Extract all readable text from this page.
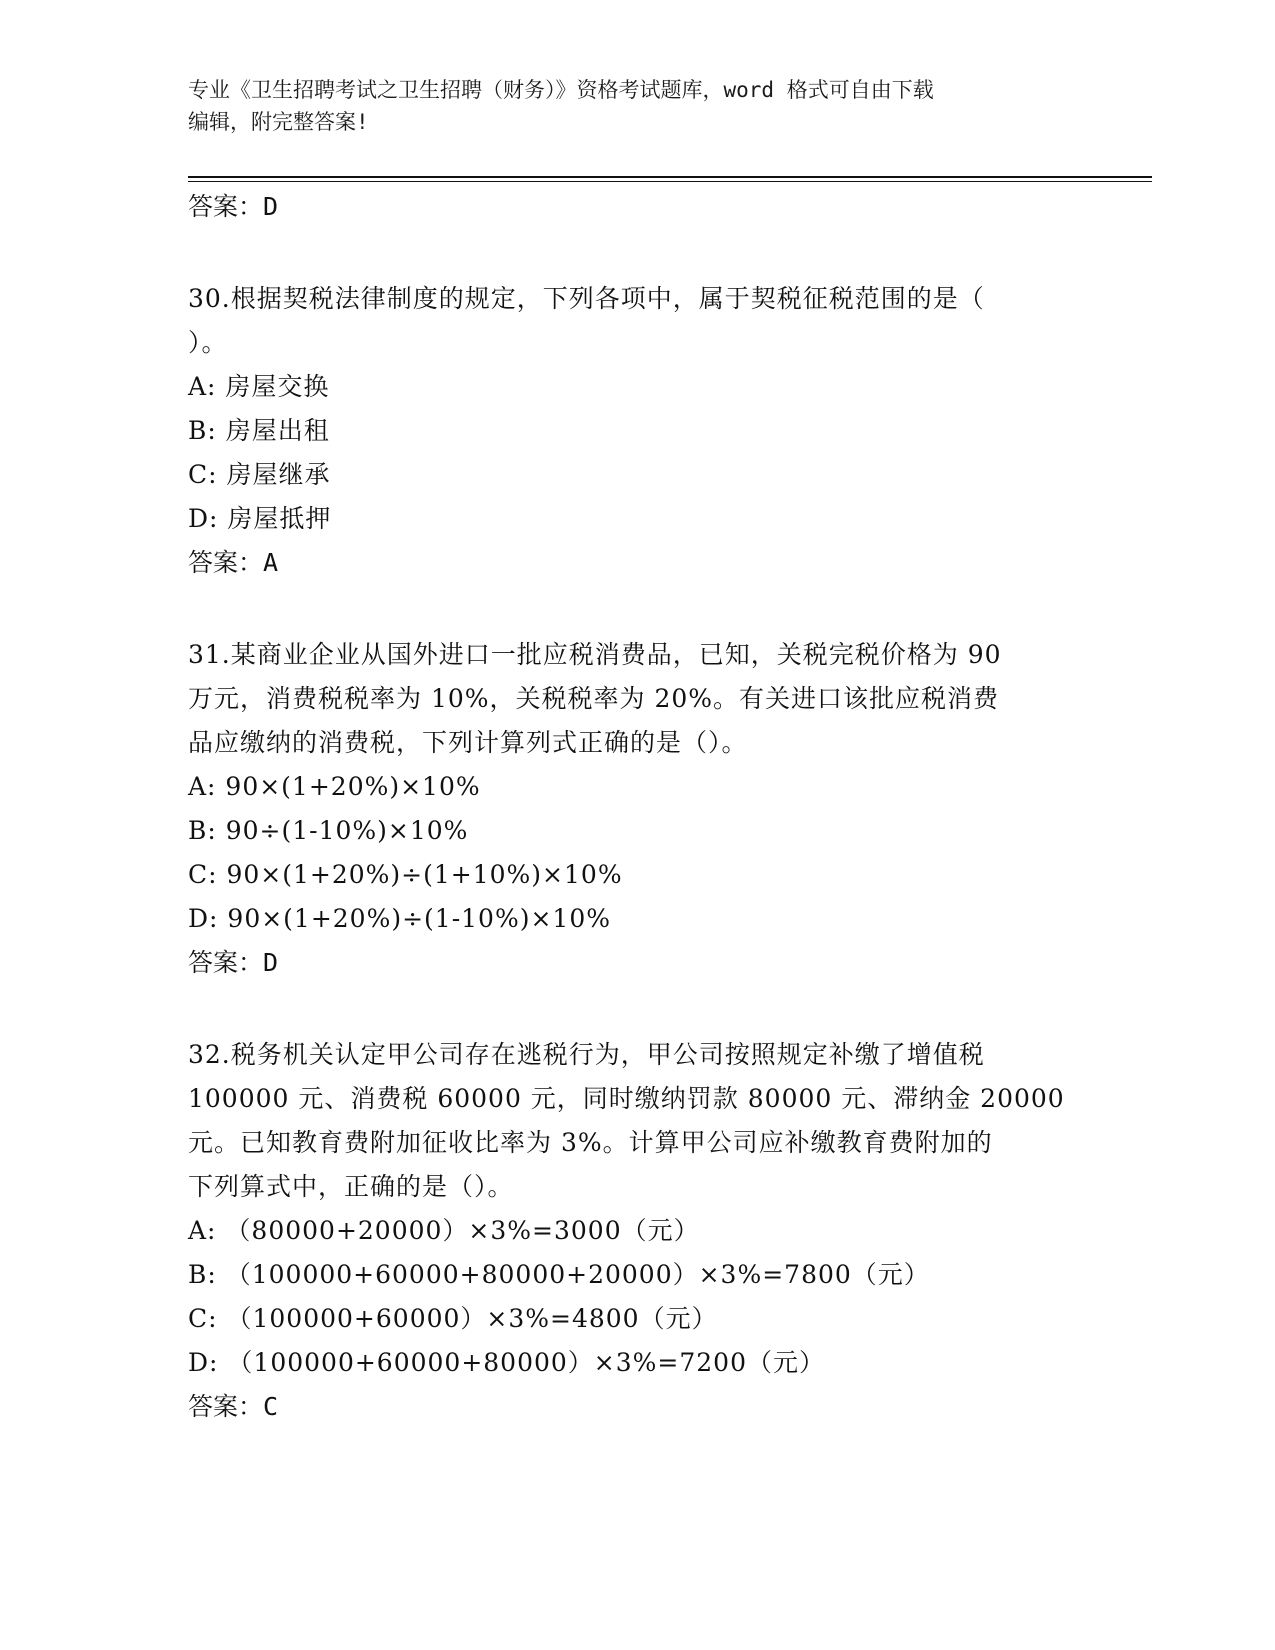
专业《卫生招聘考试之卫生招聘（财务）》资格考试题库，word 格式可自由下载
编辑，附完整答案!
答案：D
30.根据契税法律制度的规定，下列各项中，属于契税征税范围的是（
）。
A: 房屋交换
B: 房屋出租
C: 房屋继承
D: 房屋抵押
答案：A
31.某商业企业从国外进口一批应税消费品，已知，关税完税价格为 90
万元，消费税税率为 10%，关税税率为 20%。有关进口该批应税消费
品应缴纳的消费税，下列计算列式正确的是（）。
A: 90×(1+20%)×10%
B: 90÷(1-10%)×10%
C: 90×(1+20%)÷(1+10%)×10%
D: 90×(1+20%)÷(1-10%)×10%
答案：D
32.税务机关认定甲公司存在逃税行为，甲公司按照规定补缴了增值税
100000 元、消费税 60000 元，同时缴纳罚款 80000 元、滞纳金 20000
元。已知教育费附加征收比率为 3%。计算甲公司应补缴教育费附加的
下列算式中，正确的是（）。
A: （80000+20000）×3%=3000（元）
B: （100000+60000+80000+20000）×3%=7800（元）
C: （100000+60000）×3%=4800（元）
D: （100000+60000+80000）×3%=7200（元）
答案：C
